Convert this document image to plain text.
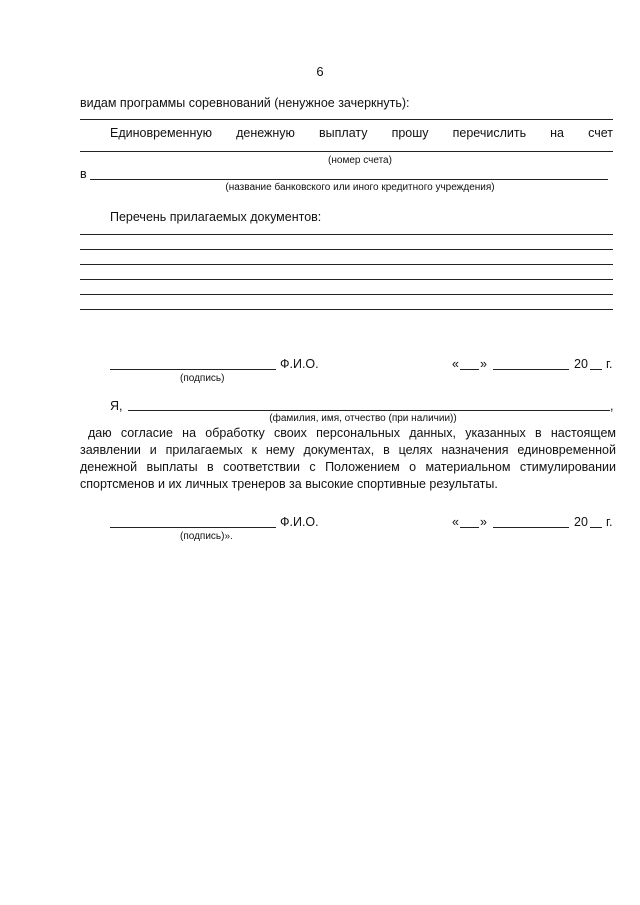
6
видам программы соревнований (ненужное зачеркнуть):
Единовременную денежную выплату прошу перечислить на счет
(номер счета)
в
(название банковского или иного кредитного учреждения)
Перечень прилагаемых документов:
Ф.И.О.	« »	20 г.
(подпись)
Я,	,
(фамилия, имя, отчество (при наличии))
даю согласие на обработку своих персональных данных, указанных в настоящем
заявлении и прилагаемых к нему документах, в целях назначения единовременной
денежной выплаты в соответствии с Положением о материальном стимулировании
спортсменов и их личных тренеров за высокие спортивные результаты.
Ф.И.О.	« »	20 г.
(подпись)».
